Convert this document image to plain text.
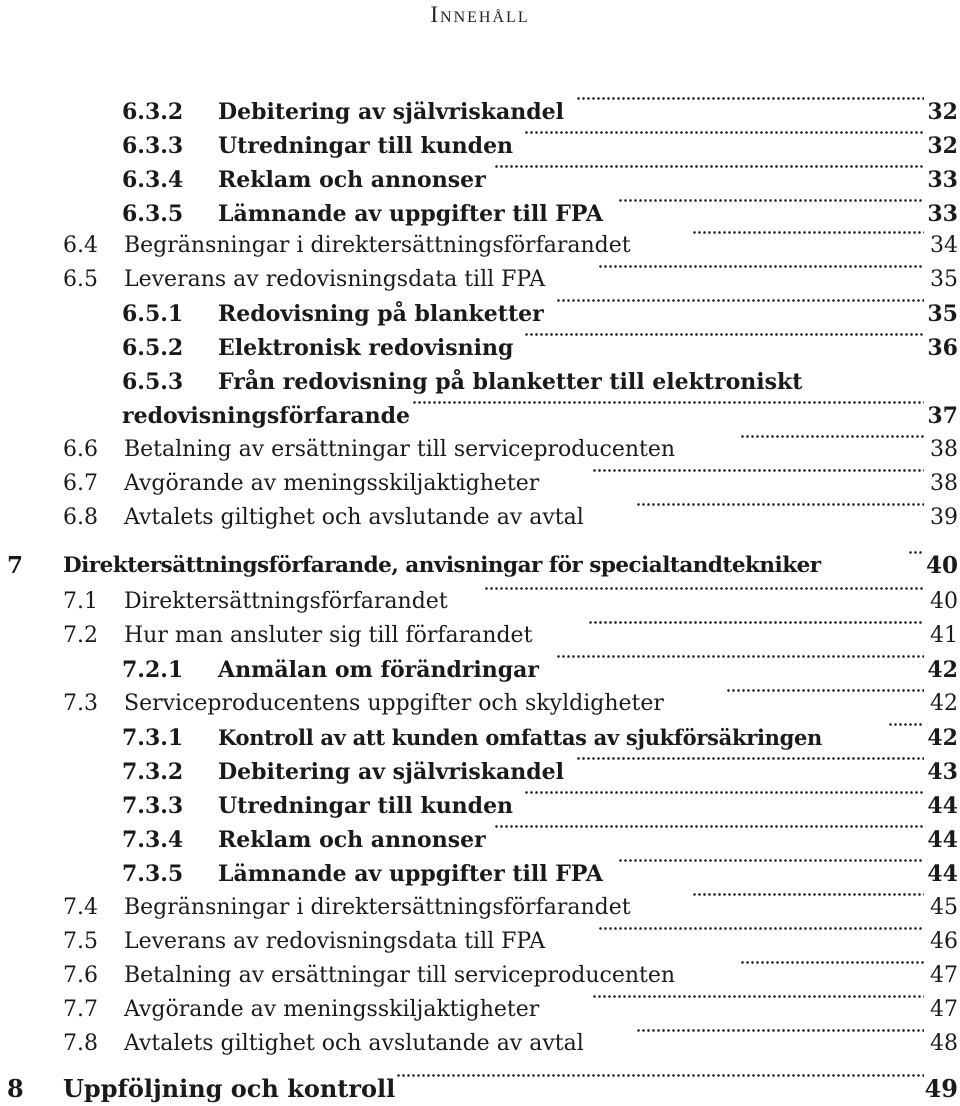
Innehåll
6.3.2 Debitering av självriskandel	32
6.3.3 Utredningar till kunden	32
6.3.4 Reklam och annonser	33
6.3.5 Lämnande av uppgifter till FPA	33
6.4 Begränsningar i direktersättningsförfarandet	34
6.5 Leverans av redovisningsdata till FPA	35
6.5.1 Redovisning på blanketter	35
6.5.2 Elektronisk redovisning	36
6.5.3 Från redovisning på blanketter till elektroniskt
redovisningsförfarande	37
6.6 Betalning av ersättningar till serviceproducenten	38
6.7 Avgörande av meningsskiljaktigheter	38
6.8 Avtalets giltighet och avslutande av avtal	39
7 Direktersättningsförfarande, anvisningar för specialtandtekniker	40
7.1 Direktersättningsförfarandet	40
7.2 Hur man ansluter sig till förfarandet	41
7.2.1 Anmälan om förändringar	42
7.3 Serviceproducentens uppgifter och skyldigheter	42
7.3.1 Kontroll av att kunden omfattas av sjukförsäkringen	42
7.3.2 Debitering av självriskandel	43
7.3.3 Utredningar till kunden	44
7.3.4 Reklam och annonser	44
7.3.5 Lämnande av uppgifter till FPA	44
7.4 Begränsningar i direktersättningsförfarandet	45
7.5 Leverans av redovisningsdata till FPA	46
7.6 Betalning av ersättningar till serviceproducenten	47
7.7 Avgörande av meningsskiljaktigheter	47
7.8 Avtalets giltighet och avslutande av avtal	48
8 Uppföljning och kontroll	49
